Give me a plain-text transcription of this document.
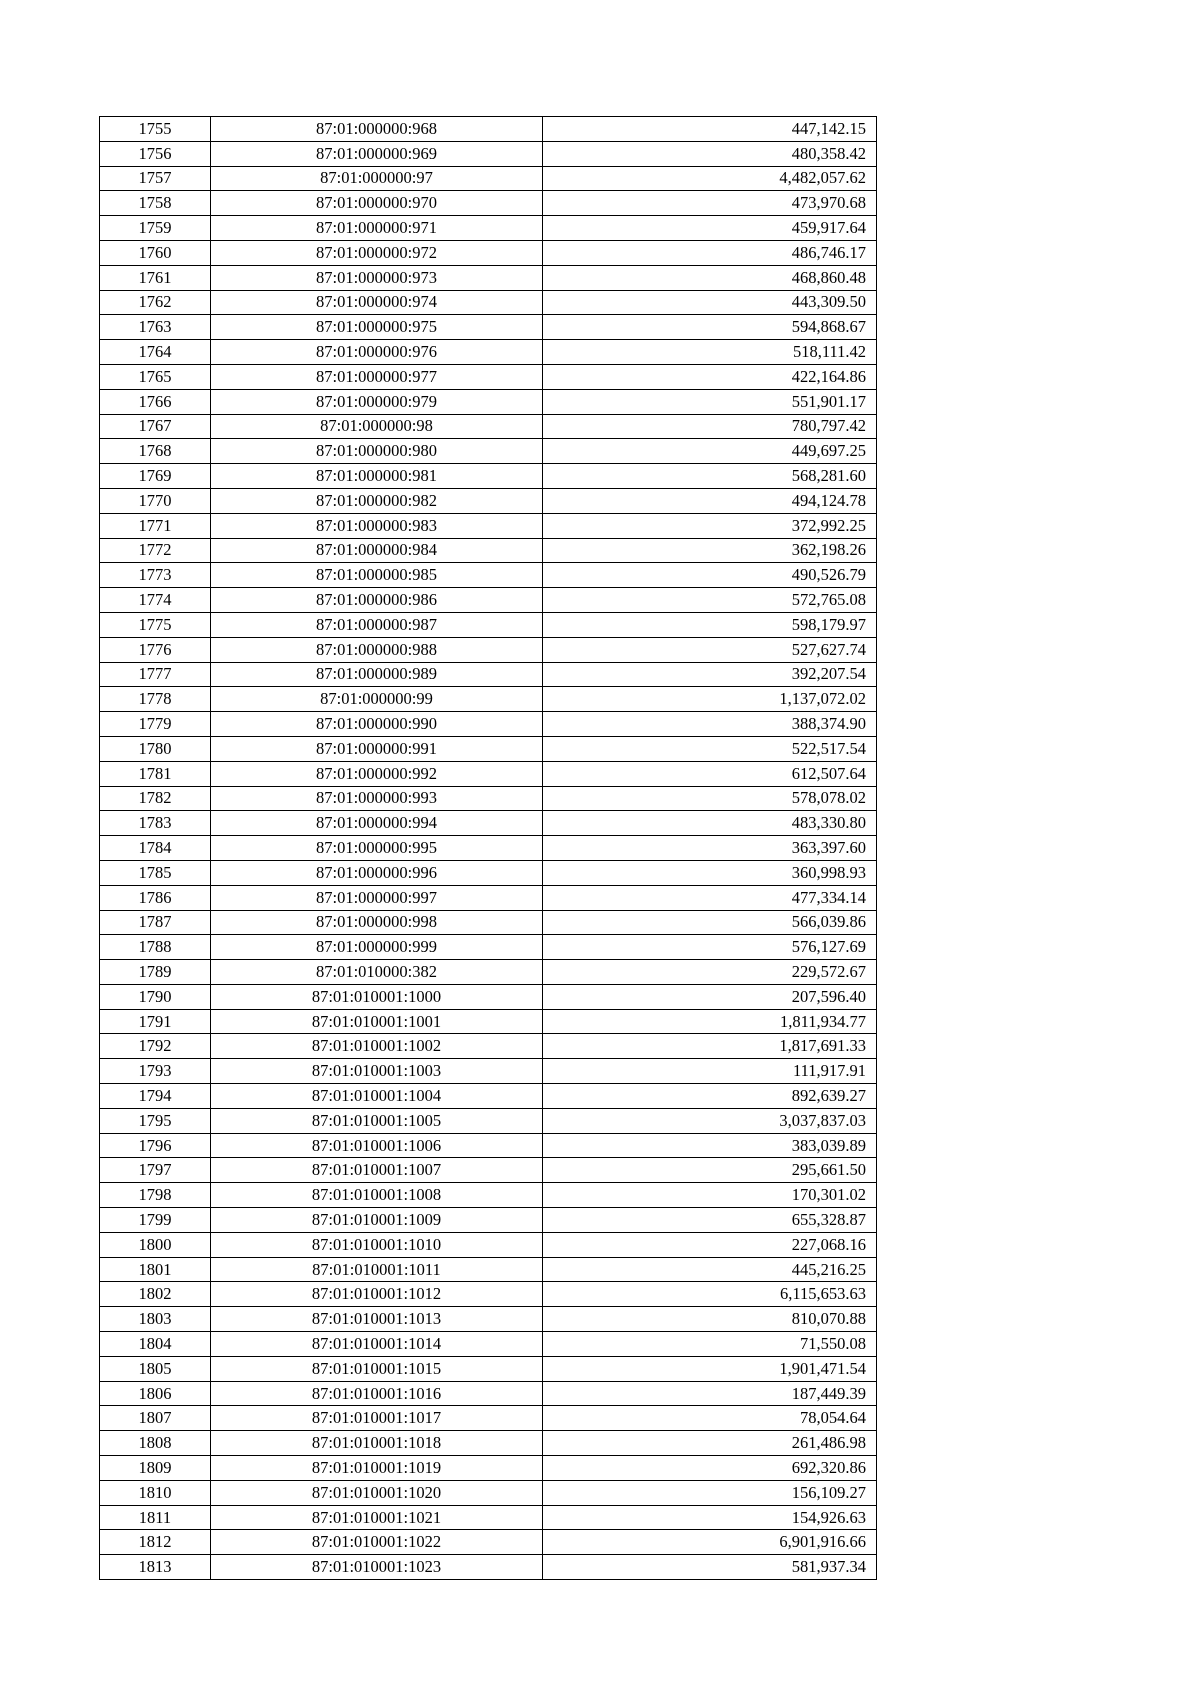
1755	87:01:000000:968	447,142.15
1756	87:01:000000:969	480,358.42
1757	87:01:000000:97	4,482,057.62
1758	87:01:000000:970	473,970.68
1759	87:01:000000:971	459,917.64
1760	87:01:000000:972	486,746.17
1761	87:01:000000:973	468,860.48
1762	87:01:000000:974	443,309.50
1763	87:01:000000:975	594,868.67
1764	87:01:000000:976	518,111.42
1765	87:01:000000:977	422,164.86
1766	87:01:000000:979	551,901.17
1767	87:01:000000:98	780,797.42
1768	87:01:000000:980	449,697.25
1769	87:01:000000:981	568,281.60
1770	87:01:000000:982	494,124.78
1771	87:01:000000:983	372,992.25
1772	87:01:000000:984	362,198.26
1773	87:01:000000:985	490,526.79
1774	87:01:000000:986	572,765.08
1775	87:01:000000:987	598,179.97
1776	87:01:000000:988	527,627.74
1777	87:01:000000:989	392,207.54
1778	87:01:000000:99	1,137,072.02
1779	87:01:000000:990	388,374.90
1780	87:01:000000:991	522,517.54
1781	87:01:000000:992	612,507.64
1782	87:01:000000:993	578,078.02
1783	87:01:000000:994	483,330.80
1784	87:01:000000:995	363,397.60
1785	87:01:000000:996	360,998.93
1786	87:01:000000:997	477,334.14
1787	87:01:000000:998	566,039.86
1788	87:01:000000:999	576,127.69
1789	87:01:010000:382	229,572.67
1790	87:01:010001:1000	207,596.40
1791	87:01:010001:1001	1,811,934.77
1792	87:01:010001:1002	1,817,691.33
1793	87:01:010001:1003	111,917.91
1794	87:01:010001:1004	892,639.27
1795	87:01:010001:1005	3,037,837.03
1796	87:01:010001:1006	383,039.89
1797	87:01:010001:1007	295,661.50
1798	87:01:010001:1008	170,301.02
1799	87:01:010001:1009	655,328.87
1800	87:01:010001:1010	227,068.16
1801	87:01:010001:1011	445,216.25
1802	87:01:010001:1012	6,115,653.63
1803	87:01:010001:1013	810,070.88
1804	87:01:010001:1014	71,550.08
1805	87:01:010001:1015	1,901,471.54
1806	87:01:010001:1016	187,449.39
1807	87:01:010001:1017	78,054.64
1808	87:01:010001:1018	261,486.98
1809	87:01:010001:1019	692,320.86
1810	87:01:010001:1020	156,109.27
1811	87:01:010001:1021	154,926.63
1812	87:01:010001:1022	6,901,916.66
1813	87:01:010001:1023	581,937.34
